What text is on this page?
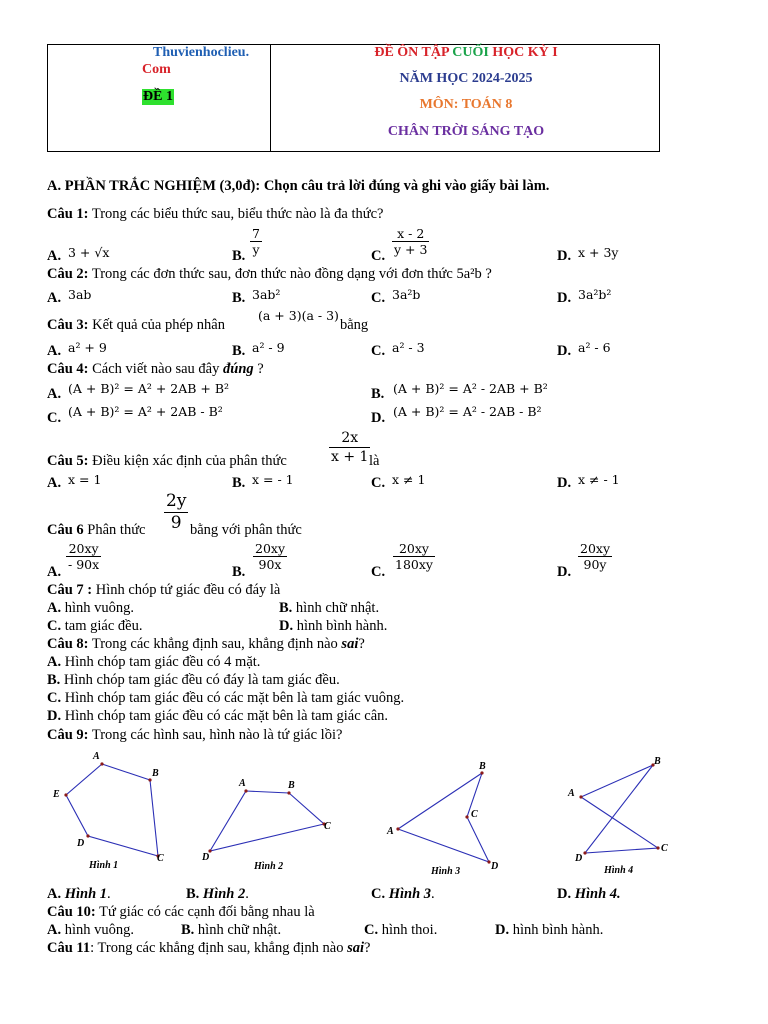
Thuvienhoclieu.
Com
ĐỀ 1
ĐỀ ÔN TẬP CUỐI HỌC KỲ I
NĂM HỌC 2024-2025
MÔN: TOÁN 8
CHÂN TRỜI SÁNG TẠO
A. PHẦN TRẮC NGHIỆM (3,0đ): Chọn câu trả lời đúng và ghi vào giấy bài làm.
Câu 1: Trong các biểu thức sau, biểu thức nào là đa thức?
A. 3 + √x	B. $\frac{7}{y}$	C. $\frac{x - 2}{y + 3}$	D. x + 3y
Câu 2: Trong các đơn thức sau, đơn thức nào đồng dạng với đơn thức 5a²b ?
A. 3ab	B. 3ab²	C. 3a²b	D. 3a²b²
Câu 3: Kết quả của phép nhân
(a + 3)(a - 3)
bằng
A. a² + 9	B. a² - 9	C. a² - 3	D. a² - 6
Câu 4: Cách viết nào sau đây đúng ?
A. (A + B)² = A² + 2AB + B²	B. (A + B)² = A² - 2AB + B²
C. (A + B)² = A² + 2AB - B²	D. (A + B)² = A² - 2AB - B²
Câu 5: Điều kiện xác định của phân thức	$\frac{2x}{x + 1}$
là
A. x = 1	B. x = - 1	C. x ≠ 1	D. x ≠ - 1
Câu 6 Phân thức $\frac{2y}{9}$ bằng với phân thức
A. $\frac{20xy}{- 90x}$	B. $\frac{20xy}{90x}$	C. $\frac{20xy}{180xy}$	D. $\frac{20xy}{90y}$
Câu 7 : Hình chóp tứ giác đều có đáy là
A. hình vuông.	B. hình chữ nhật.
C. tam giác đều.	D. hình bình hành.
Câu 8: Trong các khẳng định sau, khẳng định nào sai?
A. Hình chóp tam giác đều có 4 mặt.
B. Hình chóp tam giác đều có đáy là tam giác đều.
C. Hình chóp tam giác đều có các mặt bên là tam giác vuông.
D. Hình chóp tam giác đều có các mặt bên là tam giác cân.
Câu 9: Trong các hình sau, hình nào là tứ giác lồi?
A
B
C
D
E
Hình 1
A	B
C
D
Hình 2
A
B
C
D
Hình 3
A
B
C
D
Hình 4
A. Hình 1.	B. Hình 2.	C. Hình 3.	D. Hình 4.
Câu 10: Tứ giác có các cạnh đối bằng nhau là
A. hình vuông.	B. hình chữ nhật.	C. hình thoi.	D. hình bình hành.
Câu 11: Trong các khẳng định sau, khẳng định nào sai?
